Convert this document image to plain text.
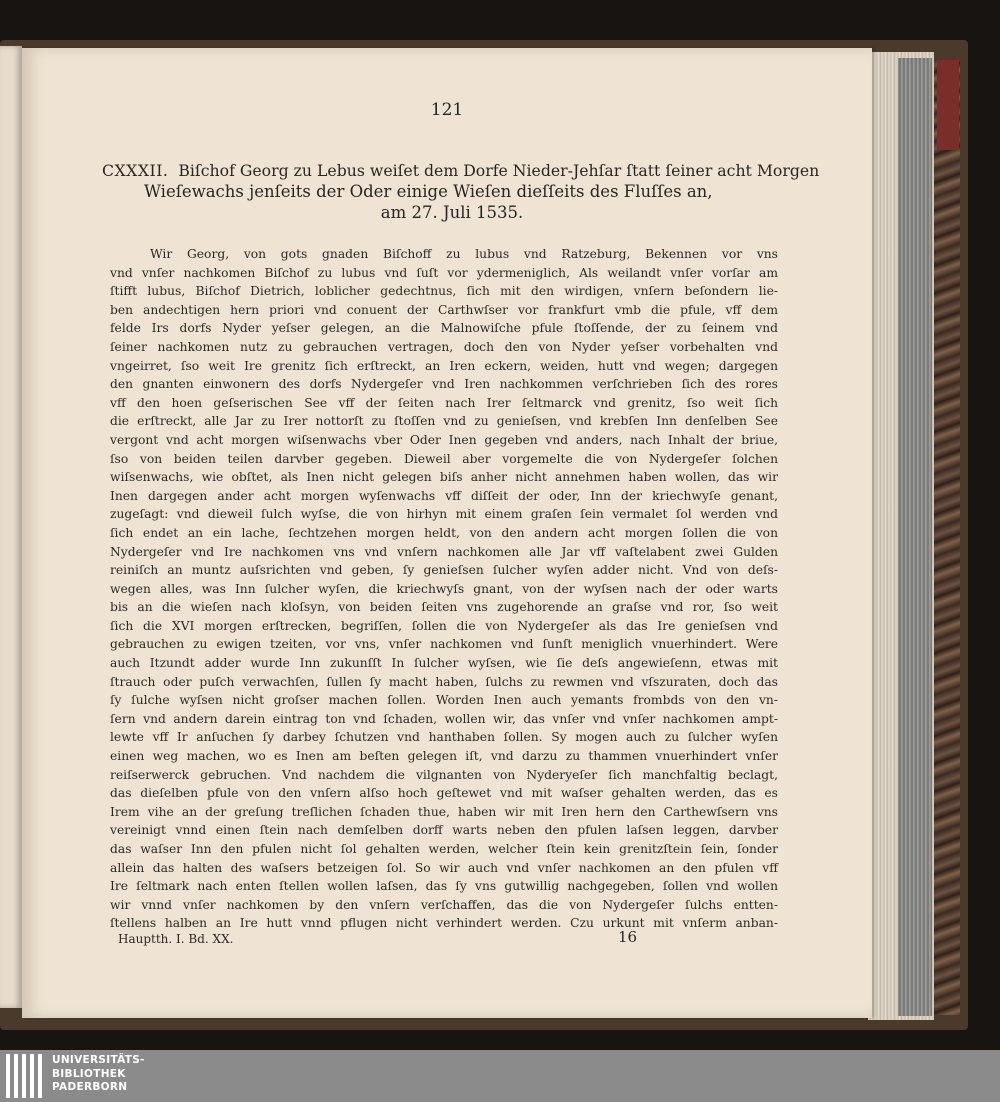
121
CXXXII. Biſchof Georg zu Lebus weiſet dem Dorfe Nieder-Jehſar ſtatt ſeiner acht Morgen
Wieſewachs jenſeits der Oder einige Wieſen dieſſeits des Fluſſes an,
am 27. Juli 1535.
Wir Georg, von gots gnaden Biſchoff zu lubus vnd Ratzeburg, Bekennen vor vns
vnd vnſer nachkomen Biſchof zu lubus vnd ſuſt vor ydermeniglich, Als weilandt vnſer vorſar am
ſtifft lubus, Biſchof Dietrich, loblicher gedechtnus, ſich mit den wirdigen, vnſern beſondern lie-
ben andechtigen hern priori vnd conuent der Carthwſser vor frankfurt vmb die pfule, vff dem
felde Irs dorfs Nyder yeſser gelegen, an die Malnowiſche pfule ſtoſſende, der zu ſeinem vnd
ſeiner nachkomen nutz zu gebrauchen vertragen, doch den von Nyder yeſser vorbehalten vnd
vngeirret, ſso weit Ire grenitz ſich erſtreckt, an Iren eckern, weiden, hutt vnd wegen; dargegen
den gnanten einwonern des dorfs Nydergeſer vnd Iren nachkommen verſchrieben ſich des rores
vff den hoen geſserischen See vff der ſeiten nach Irer ſeltmarck vnd grenitz, ſso weit ſich
die erſtreckt, alle Jar zu Irer nottorſt zu ſtoſſen vnd zu genieſsen, vnd krebſen Inn denſelben See
vergont vnd acht morgen wiſsenwachs vber Oder Inen gegeben vnd anders, nach Inhalt der briue,
ſso von beiden teilen darvber gegeben. Dieweil aber vorgemelte die von Nydergeſer ſolchen
wiſsenwachs, wie obſtet, als Inen nicht gelegen biſs anher nicht annehmen haben wollen, das wir
Inen dargegen ander acht morgen wyſenwachs vff diſſeit der oder, Inn der kriechwyſe genant,
zugeſagt: vnd dieweil ſulch wyſse, die von hirhyn mit einem graſen ſein vermalet ſol werden vnd
ſich endet an ein lache, ſechtzehen morgen heldt, von den andern acht morgen ſollen die von
Nydergeſer vnd Ire nachkomen vns vnd vnſern nachkomen alle Jar vff vaſtelabent zwei Gulden
reiniſch an muntz auſsrichten vnd geben, ſy genieſsen ſulcher wyſen adder nicht. Vnd von deſs-
wegen alles, was Inn ſulcher wyſen, die kriechwyſs gnant, von der wyſsen nach der oder warts
bis an die wieſen nach kloſsyn, von beiden ſeiten vns zugehorende an graſse vnd ror, ſso weit
ſich die XVI morgen erſtrecken, begriſſen, ſollen die von Nydergeſer als das Ire genieſsen vnd
gebrauchen zu ewigen tzeiten, vor vns, vnſer nachkomen vnd ſunſt meniglich vnuerhindert. Were
auch Itzundt adder wurde Inn zukunſſt In ſulcher wyſsen, wie ſie deſs angewieſenn, etwas mit
ſtrauch oder puſch verwachſen, ſullen ſy macht haben, ſulchs zu rewmen vnd vſszuraten, doch das
ſy ſulche wyſsen nicht groſser machen ſollen. Worden Inen auch yemants frombds von den vn-
ſern vnd andern darein eintrag ton vnd ſchaden, wollen wir, das vnſer vnd vnſer nachkomen ampt-
lewte vff Ir anſuchen ſy darbey ſchutzen vnd hanthaben ſollen. Sy mogen auch zu ſulcher wyſen
einen weg machen, wo es Inen am beſten gelegen iſt, vnd darzu zu thammen vnuerhindert vnſer
reiſserwerck gebruchen. Vnd nachdem die vilgnanten von Nyderyeſer ſich manchfaltig beclagt,
das dieſelben pfule von den vnſern alſso hoch geſtewet vnd mit waſser gehalten werden, das es
Irem vihe an der greſung treſlichen ſchaden thue, haben wir mit Iren hern den Carthewſsern vns
vereinigt vnnd einen ſtein nach demſelben dorff warts neben den pfulen laſsen leggen, darvber
das waſser Inn den pfulen nicht ſol gehalten werden, welcher ſtein kein grenitzſtein ſein, ſonder
allein das halten des waſsers betzeigen ſol. So wir auch vnd vnſer nachkomen an den pfulen vff
Ire ſeltmark nach enten ſtellen wollen laſsen, das ſy vns gutwillig nachgegeben, ſollen vnd wollen
wir vnnd vnſer nachkomen by den vnſern verſchaffen, das die von Nydergeſer ſulchs entten-
ſtellens halben an Ire hutt vnnd pflugen nicht verhindert werden. Czu urkunt mit vnſerm anban-
Hauptth. I. Bd. XX.	16
UNIVERSITÄTS-
BIBLIOTHEK
PADERBORN
